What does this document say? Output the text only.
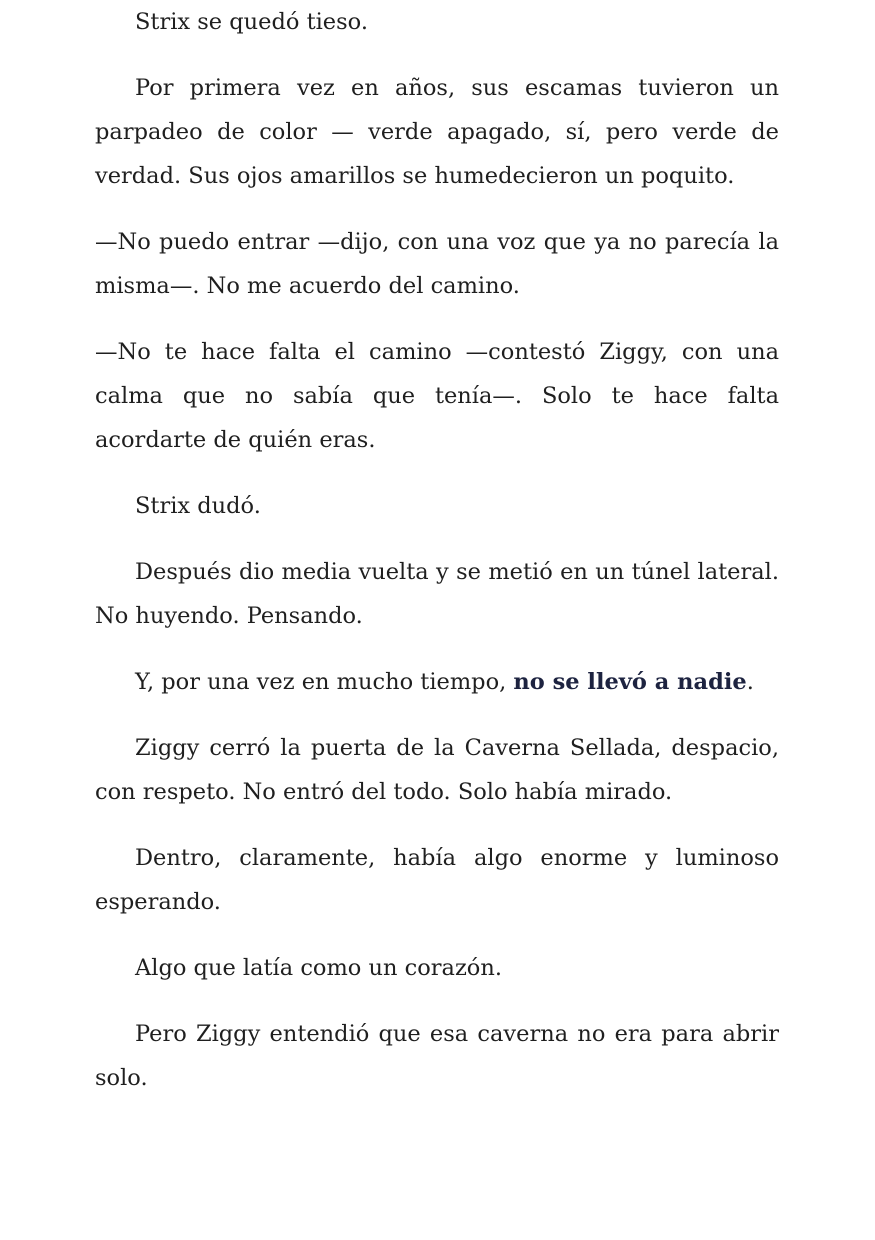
Strix se quedó tieso.

Por primera vez en años, sus escamas tuvieron un parpadeo de color — verde apagado, sí, pero verde de verdad. Sus ojos amarillos se humedecieron un poquito.

—No puedo entrar —dijo, con una voz que ya no parecía la misma—. No me acuerdo del camino.

—No te hace falta el camino —contestó Ziggy, con una calma que no sabía que tenía—. Solo te hace falta acordarte de quién eras.

Strix dudó.

Después dio media vuelta y se metió en un túnel lateral. No huyendo. Pensando.

Y, por una vez en mucho tiempo, no se llevó a nadie.

Ziggy cerró la puerta de la Caverna Sellada, despacio, con respeto. No entró del todo. Solo había mirado.

Dentro, claramente, había algo enorme y luminoso esperando.

Algo que latía como un corazón.

Pero Ziggy entendió que esa caverna no era para abrir solo.
